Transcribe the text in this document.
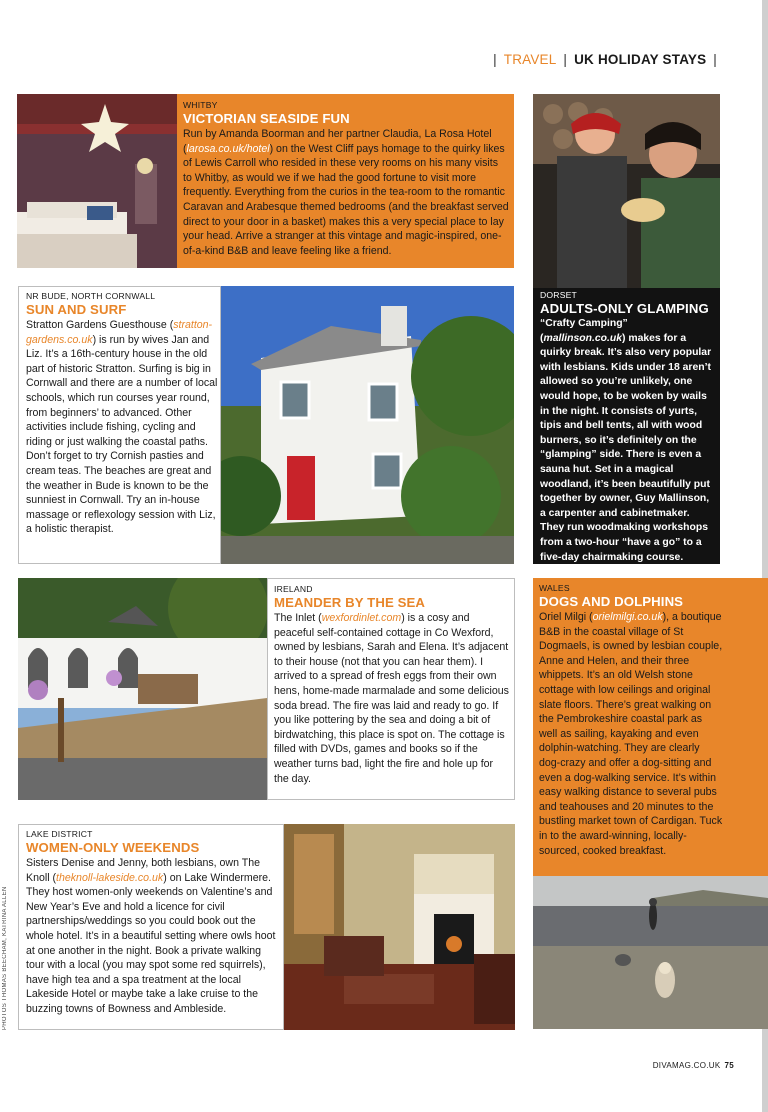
| TRAVEL | UK HOLIDAY STAYS |
WHITBY
VICTORIAN SEASIDE FUN
Run by Amanda Boorman and her partner Claudia, La Rosa Hotel (larosa.co.uk/hotel) on the West Cliff pays homage to the quirky likes of Lewis Carroll who resided in these very rooms on his many visits to Whitby, as would we if we had the good fortune to visit more frequently. Everything from the curios in the tea-room to the romantic Caravan and Arabesque themed bedrooms (and the breakfast served direct to your door in a basket) makes this a very special place to lay your head. Arrive a stranger at this vintage and magic-inspired, one-of-a-kind B&B and leave feeling like a friend.
DORSET
ADULTS-ONLY GLAMPING
“Crafty Camping” (mallinson.co.uk) makes for a quirky break. It’s also very popular with lesbians. Kids under 18 aren’t allowed so you’re unlikely, one would hope, to be woken by wails in the night. It consists of yurts, tipis and bell tents, all with wood burners, so it’s definitely on the “glamping” side. There is even a sauna hut. Set in a magical woodland, it’s been beautifully put together by owner, Guy Mallinson, a carpenter and cabinetmaker. They run woodmaking workshops from a two-hour “have a go” to a five-day chairmaking course.
NR BUDE, NORTH CORNWALL
SUN AND SURF
Stratton Gardens Guesthouse (stratton-gardens.co.uk) is run by wives Jan and Liz. It’s a 16th-century house in the old part of historic Stratton. Surfing is big in Cornwall and there are a number of local schools, which run courses year round, from beginners’ to advanced. Other activities include fishing, cycling and riding or just walking the coastal paths. Don’t forget to try Cornish pasties and cream teas. The beaches are great and the weather in Bude is known to be the sunniest in Cornwall. Try an in-house massage or reflexology session with Liz, a holistic therapist.
IRELAND
MEANDER BY THE SEA
The Inlet (wexfordinlet.com) is a cosy and peaceful self-contained cottage in Co Wexford, owned by lesbians, Sarah and Elena. It’s adjacent to their house (not that you can hear them). I arrived to a spread of fresh eggs from their own hens, home-made marmalade and some delicious soda bread. The fire was laid and ready to go. If you like pottering by the sea and doing a bit of birdwatching, this place is spot on. The cottage is filled with DVDs, games and books so if the weather turns bad, light the fire and hole up for the day.
WALES
DOGS AND DOLPHINS
Oriel Milgi (orielmilgi.co.uk), a boutique B&B in the coastal village of St Dogmaels, is owned by lesbian couple, Anne and Helen, and their three whippets. It’s an old Welsh stone cottage with low ceilings and original slate floors. There’s great walking on the Pembrokeshire coastal park as well as sailing, kayaking and even dolphin-watching. They are clearly dog-crazy and offer a dog-sitting and even a dog-walking service. It’s within easy walking distance to several pubs and teahouses and 20 minutes to the bustling market town of Cardigan. Tuck in to the award-winning, locally-sourced, cooked breakfast.
LAKE DISTRICT
WOMEN-ONLY WEEKENDS
Sisters Denise and Jenny, both lesbians, own The Knoll (theknoll-lakeside.co.uk) on Lake Windermere. They host women-only weekends on Valentine’s and New Year’s Eve and hold a licence for civil partnerships/weddings so you could book out the whole hotel. It’s in a beautiful setting where owls hoot at one another in the night. Book a private walking tour with a local (you may spot some red squirrels), have high tea and a spa treatment at the local Lakeside Hotel or maybe take a lake cruise to the buzzing towns of Bowness and Ambleside.
PHOTOS THOMAS BEECHAM, KATRINA ALLEN
DIVAMAG.CO.UK 75
